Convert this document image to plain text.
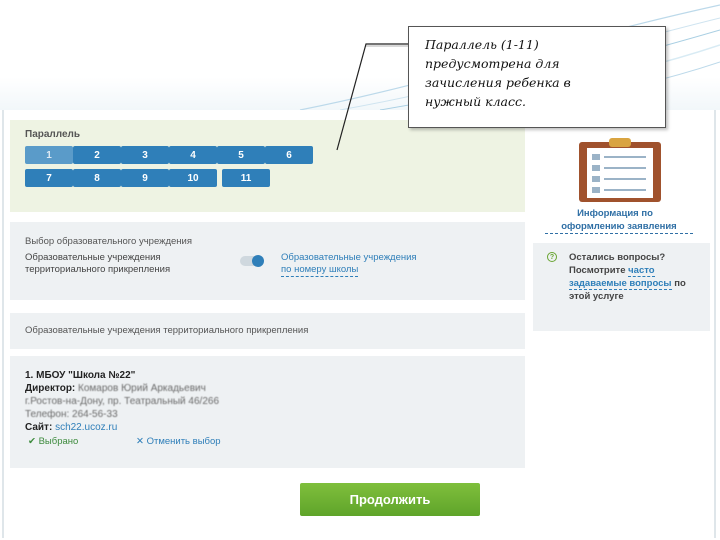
Параллель
1	2	3	4	5	6
7	8	9	10	11
Параллель (1-11)
предусмотрена для
зачисления ребенка в
нужный класс.
Выбор образовательного учреждения
Образовательные учреждения
территориального прикрепления
Образовательные учреждения
по номеру школы
Образовательные учреждения территориального прикрепления
1. МБОУ "Школа №22"
Директор: Комаров Юрий Аркадьевич
г.Ростов-на-Дону, пр. Театральный 46/266
Телефон: 264-56-33
Сайт: sch22.ucoz.ru
✔ Выбрано	✕ Отменить выбор
Продолжить
Информация по
оформлению заявления
?	Остались вопросы? Посмотрите часто задаваемые вопросы по этой услуге
